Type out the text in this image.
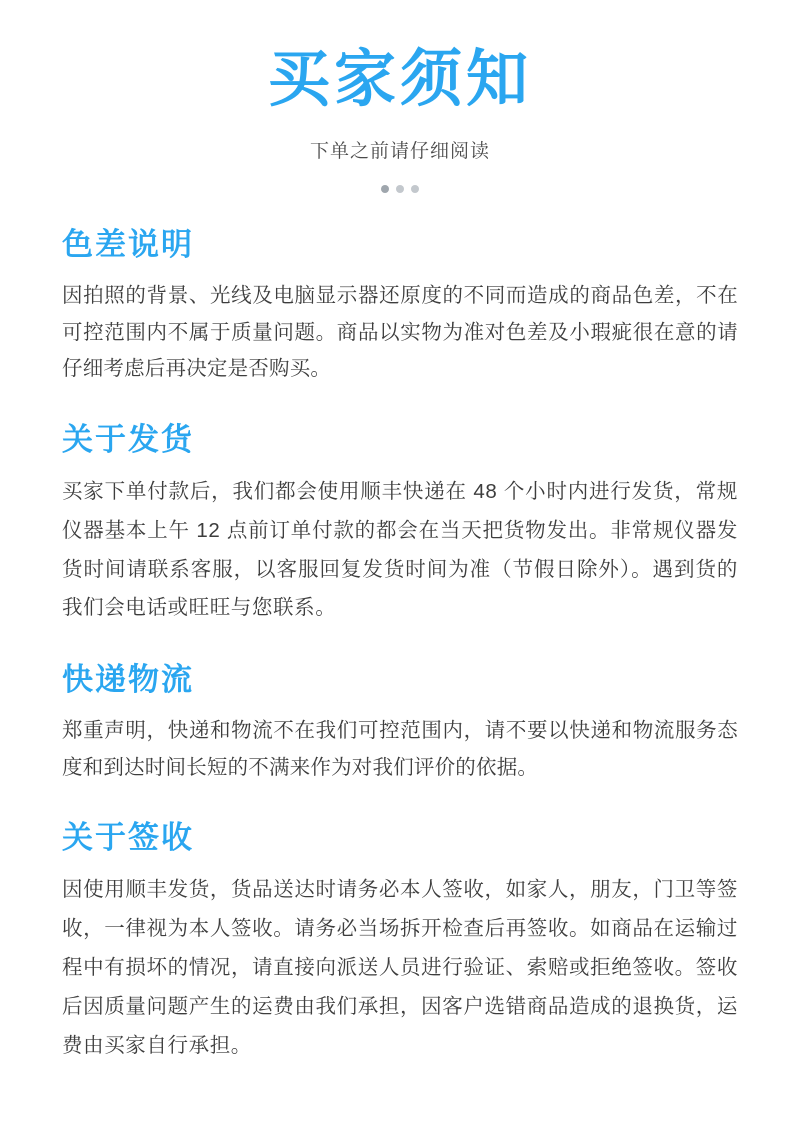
买家须知

下单之前请仔细阅读

色差说明

因拍照的背景、光线及电脑显示器还原度的不同而造成的商品色差，不在可控范围内不属于质量问题。商品以实物为准对色差及小瑕疵很在意的请仔细考虑后再决定是否购买。

关于发货

买家下单付款后，我们都会使用顺丰快递在 48 个小时内进行发货，常规仪器基本上午 12 点前订单付款的都会在当天把货物发出。非常规仪器发货时间请联系客服，以客服回复发货时间为准（节假日除外）。遇到货的我们会电话或旺旺与您联系。

快递物流

郑重声明，快递和物流不在我们可控范围内，请不要以快递和物流服务态度和到达时间长短的不满来作为对我们评价的依据。

关于签收

因使用顺丰发货，货品送达时请务必本人签收，如家人，朋友，门卫等签收，一律视为本人签收。请务必当场拆开检查后再签收。如商品在运输过程中有损坏的情况，请直接向派送人员进行验证、索赔或拒绝签收。签收后因质量问题产生的运费由我们承担，因客户选错商品造成的退换货，运费由买家自行承担。
